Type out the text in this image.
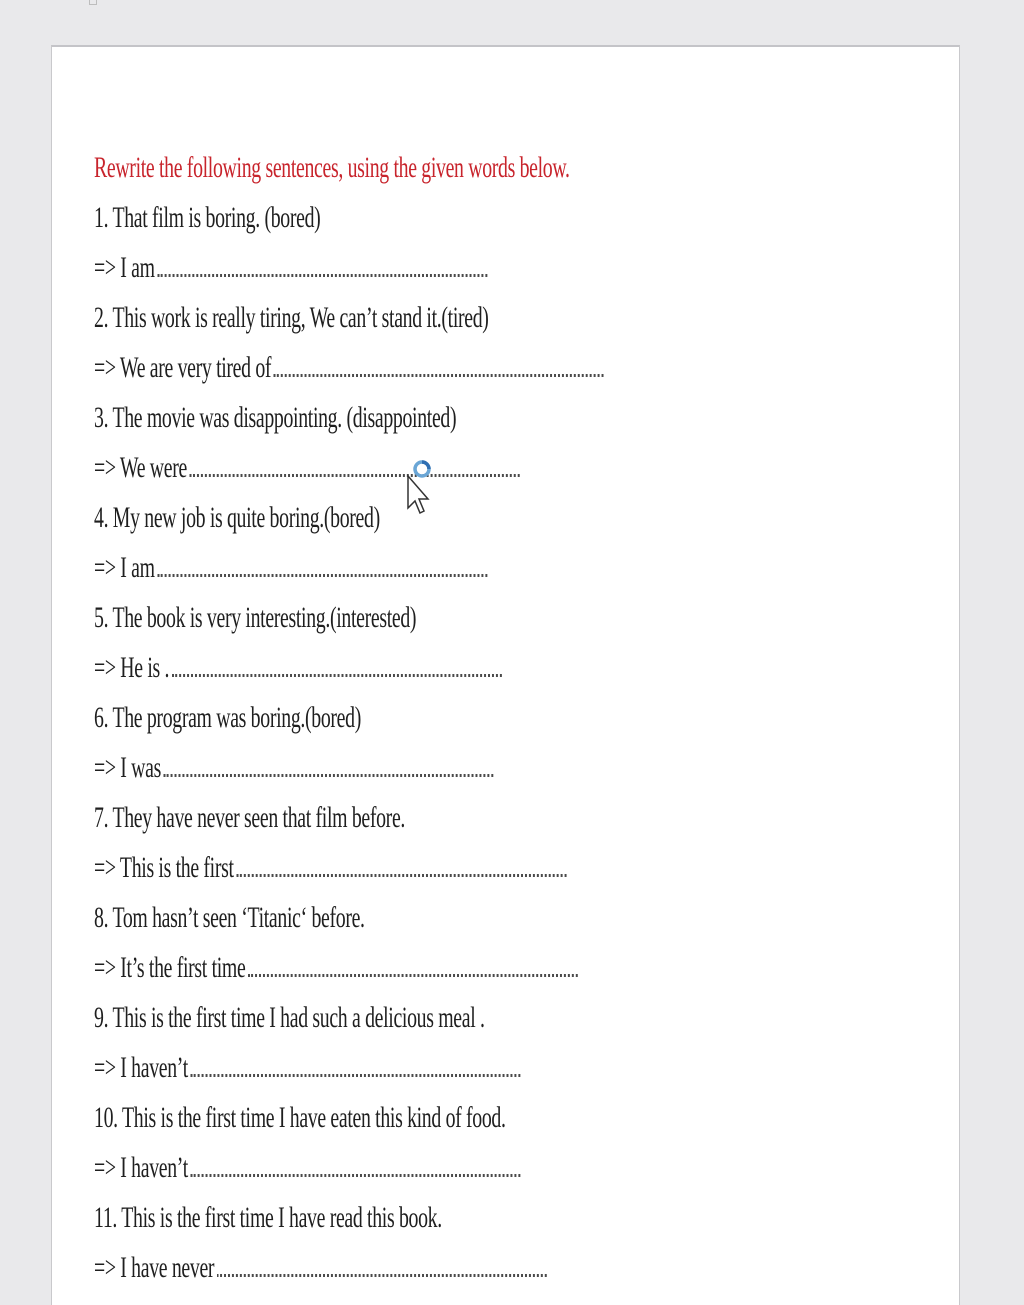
Rewrite the following sentences, using the given words below.
1. That film is boring. (bored)
=> I am
2. This work is really tiring, We can’t stand it.(tired)
=> We are very tired of
3. The movie was disappointing. (disappointed)
=> We were
4. My new job is quite boring.(bored)
=> I am
5. The book is very interesting.(interested)
=> He is .
6. The program was boring.(bored)
=> I was
7. They have never seen that film before.
=> This is the first
8. Tom hasn’t seen ‘Titanic‘ before.
=> It’s the first time
9. This is the first time I had such a delicious meal .
=> I haven’t
10. This is the first time I have eaten this kind of food.
=> I haven’t
11. This is the first time I have read this book.
=> I have never
